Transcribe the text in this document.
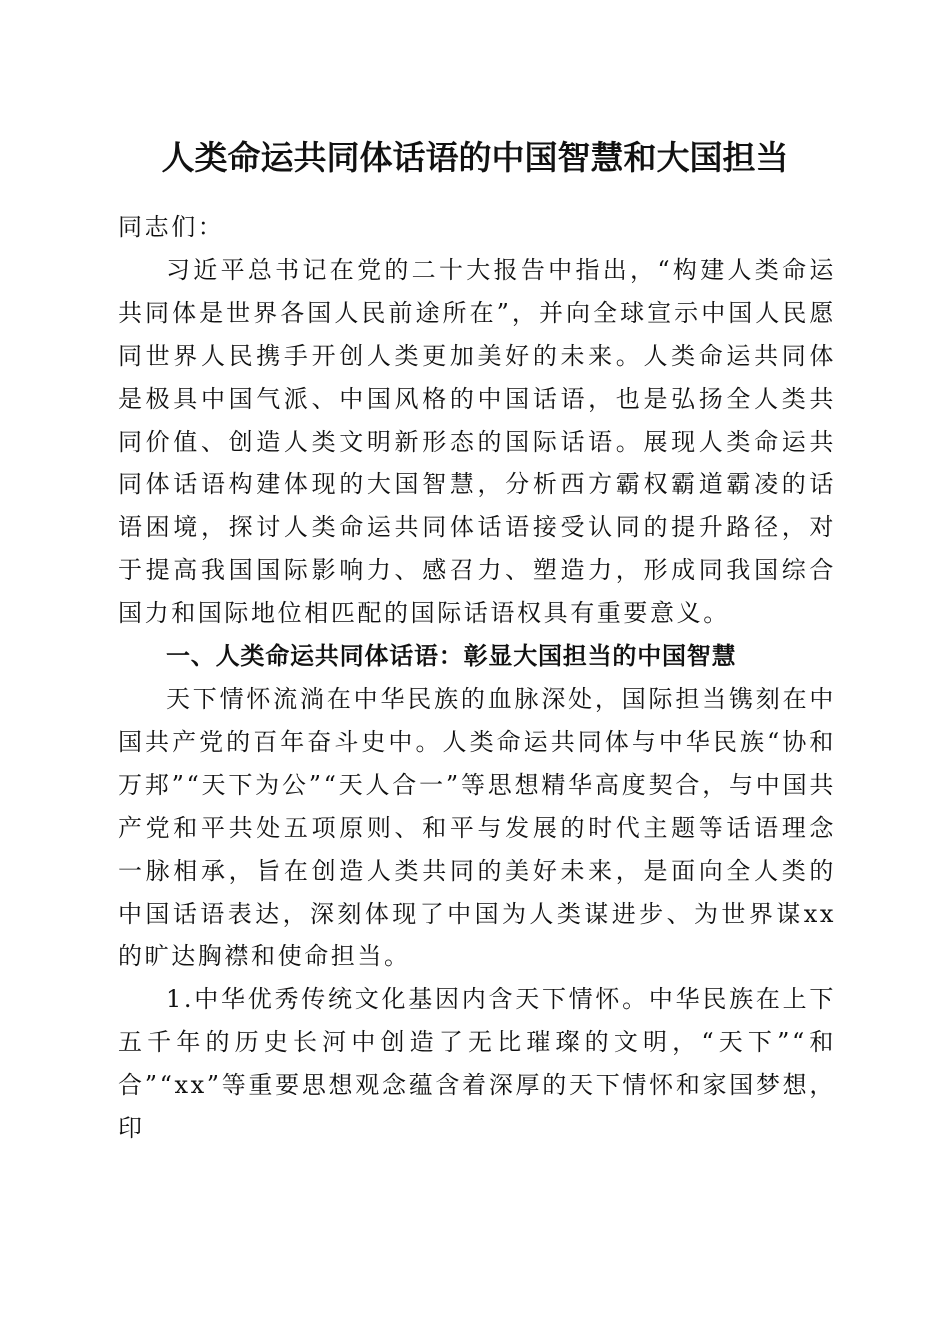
人类命运共同体话语的中国智慧和大国担当

同志们：

习近平总书记在党的二十大报告中指出，“构建人类命运共同体是世界各国人民前途所在”，并向全球宣示中国人民愿同世界人民携手开创人类更加美好的未来。人类命运共同体是极具中国气派、中国风格的中国话语，也是弘扬全人类共同价值、创造人类文明新形态的国际话语。展现人类命运共同体话语构建体现的大国智慧，分析西方霸权霸道霸凌的话语困境，探讨人类命运共同体话语接受认同的提升路径，对于提高我国国际影响力、感召力、塑造力，形成同我国综合国力和国际地位相匹配的国际话语权具有重要意义。

一、人类命运共同体话语：彰显大国担当的中国智慧

天下情怀流淌在中华民族的血脉深处，国际担当镌刻在中国共产党的百年奋斗史中。人类命运共同体与中华民族“协和万邦”“天下为公”“天人合一”等思想精华高度契合，与中国共产党和平共处五项原则、和平与发展的时代主题等话语理念一脉相承，旨在创造人类共同的美好未来，是面向全人类的中国话语表达，深刻体现了中国为人类谋进步、为世界谋xx的旷达胸襟和使命担当。

1.中华优秀传统文化基因内含天下情怀。中华民族在上下五千年的历史长河中创造了无比璀璨的文明，“天下”“和合”“xx”等重要思想观念蕴含着深厚的天下情怀和家国梦想，印
